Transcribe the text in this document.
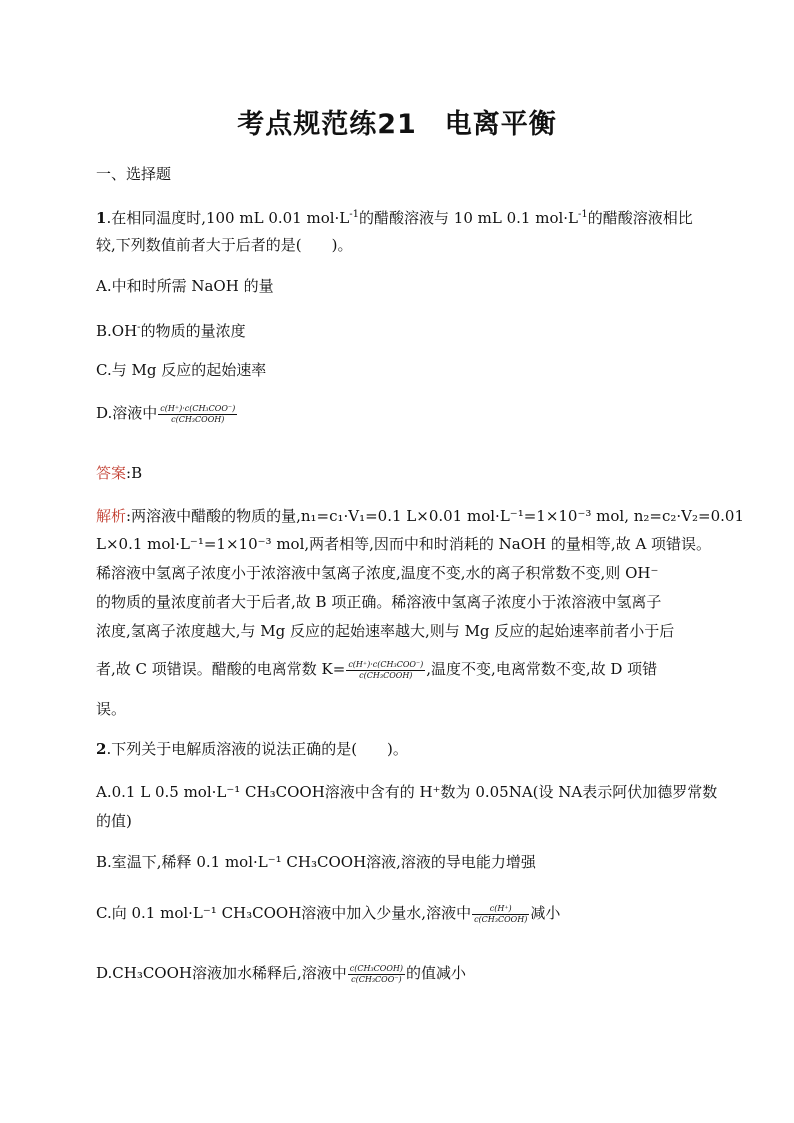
考点规范练21　电离平衡
一、选择题
1.在相同温度时,100 mL 0.01 $mol\cdot L^{-1}$的醋酸溶液与 10 mL 0.1 $mol\cdot L^{-1}$的醋酸溶液相比
较,下列数值前者大于后者的是(　　)。
A.中和时所需 NaOH 的量
B.OH-的物质的量浓度
C.与 Mg 反应的起始速率
D.溶液中 $\frac{\text{c(H⁺)·c(CH₃COO⁻)}}{\text{c(CH₃COOH)}}$
答案:B
解析:两溶液中醋酸的物质的量,n₁=c₁·V₁=0.1 L×0.01 mol·L⁻¹=1×10⁻³ mol, n₂=c₂·V₂=0.01
L×0.1 mol·L⁻¹=1×10⁻³ mol,两者相等,因而中和时消耗的 NaOH 的量相等,故 A 项错误。
稀溶液中氢离子浓度小于浓溶液中氢离子浓度,温度不变,水的离子积常数不变,则 OH⁻
的物质的量浓度前者大于后者,故 B 项正确。稀溶液中氢离子浓度小于浓溶液中氢离子
浓度,氢离子浓度越大,与 Mg 反应的起始速率越大,则与 Mg 反应的起始速率前者小于后
者,故 C 项错误。醋酸的电离常数 $K= \frac{\text{c(H⁺)·c(CH₃COO⁻)}}{\text{c(CH₃COOH)}}$ ,温度不变,电离常数不变,故 D 项错
误。
2.下列关于电解质溶液的说法正确的是(　　)。
A.0.1 L 0.5 mol·L⁻¹ CH₃COOH溶液中含有的 H⁺数为 0.05NA(设 NA表示阿伏加德罗常数
的值)
B.室温下,稀释 0.1 mol·L⁻¹ CH₃COOH溶液,溶液的导电能力增强
C.向 0.1 mol·L⁻¹ CH₃COOH溶液中加入少量水,溶液中 $\frac{c(H^+)}{\text{c(CH₃COOH)}}$ 减小
D.CH₃COOH溶液加水稀释后,溶液中 $\frac{\text{c(CH₃COOH)}}{\text{c(CH₃COO⁻)}}$ 的值减小
